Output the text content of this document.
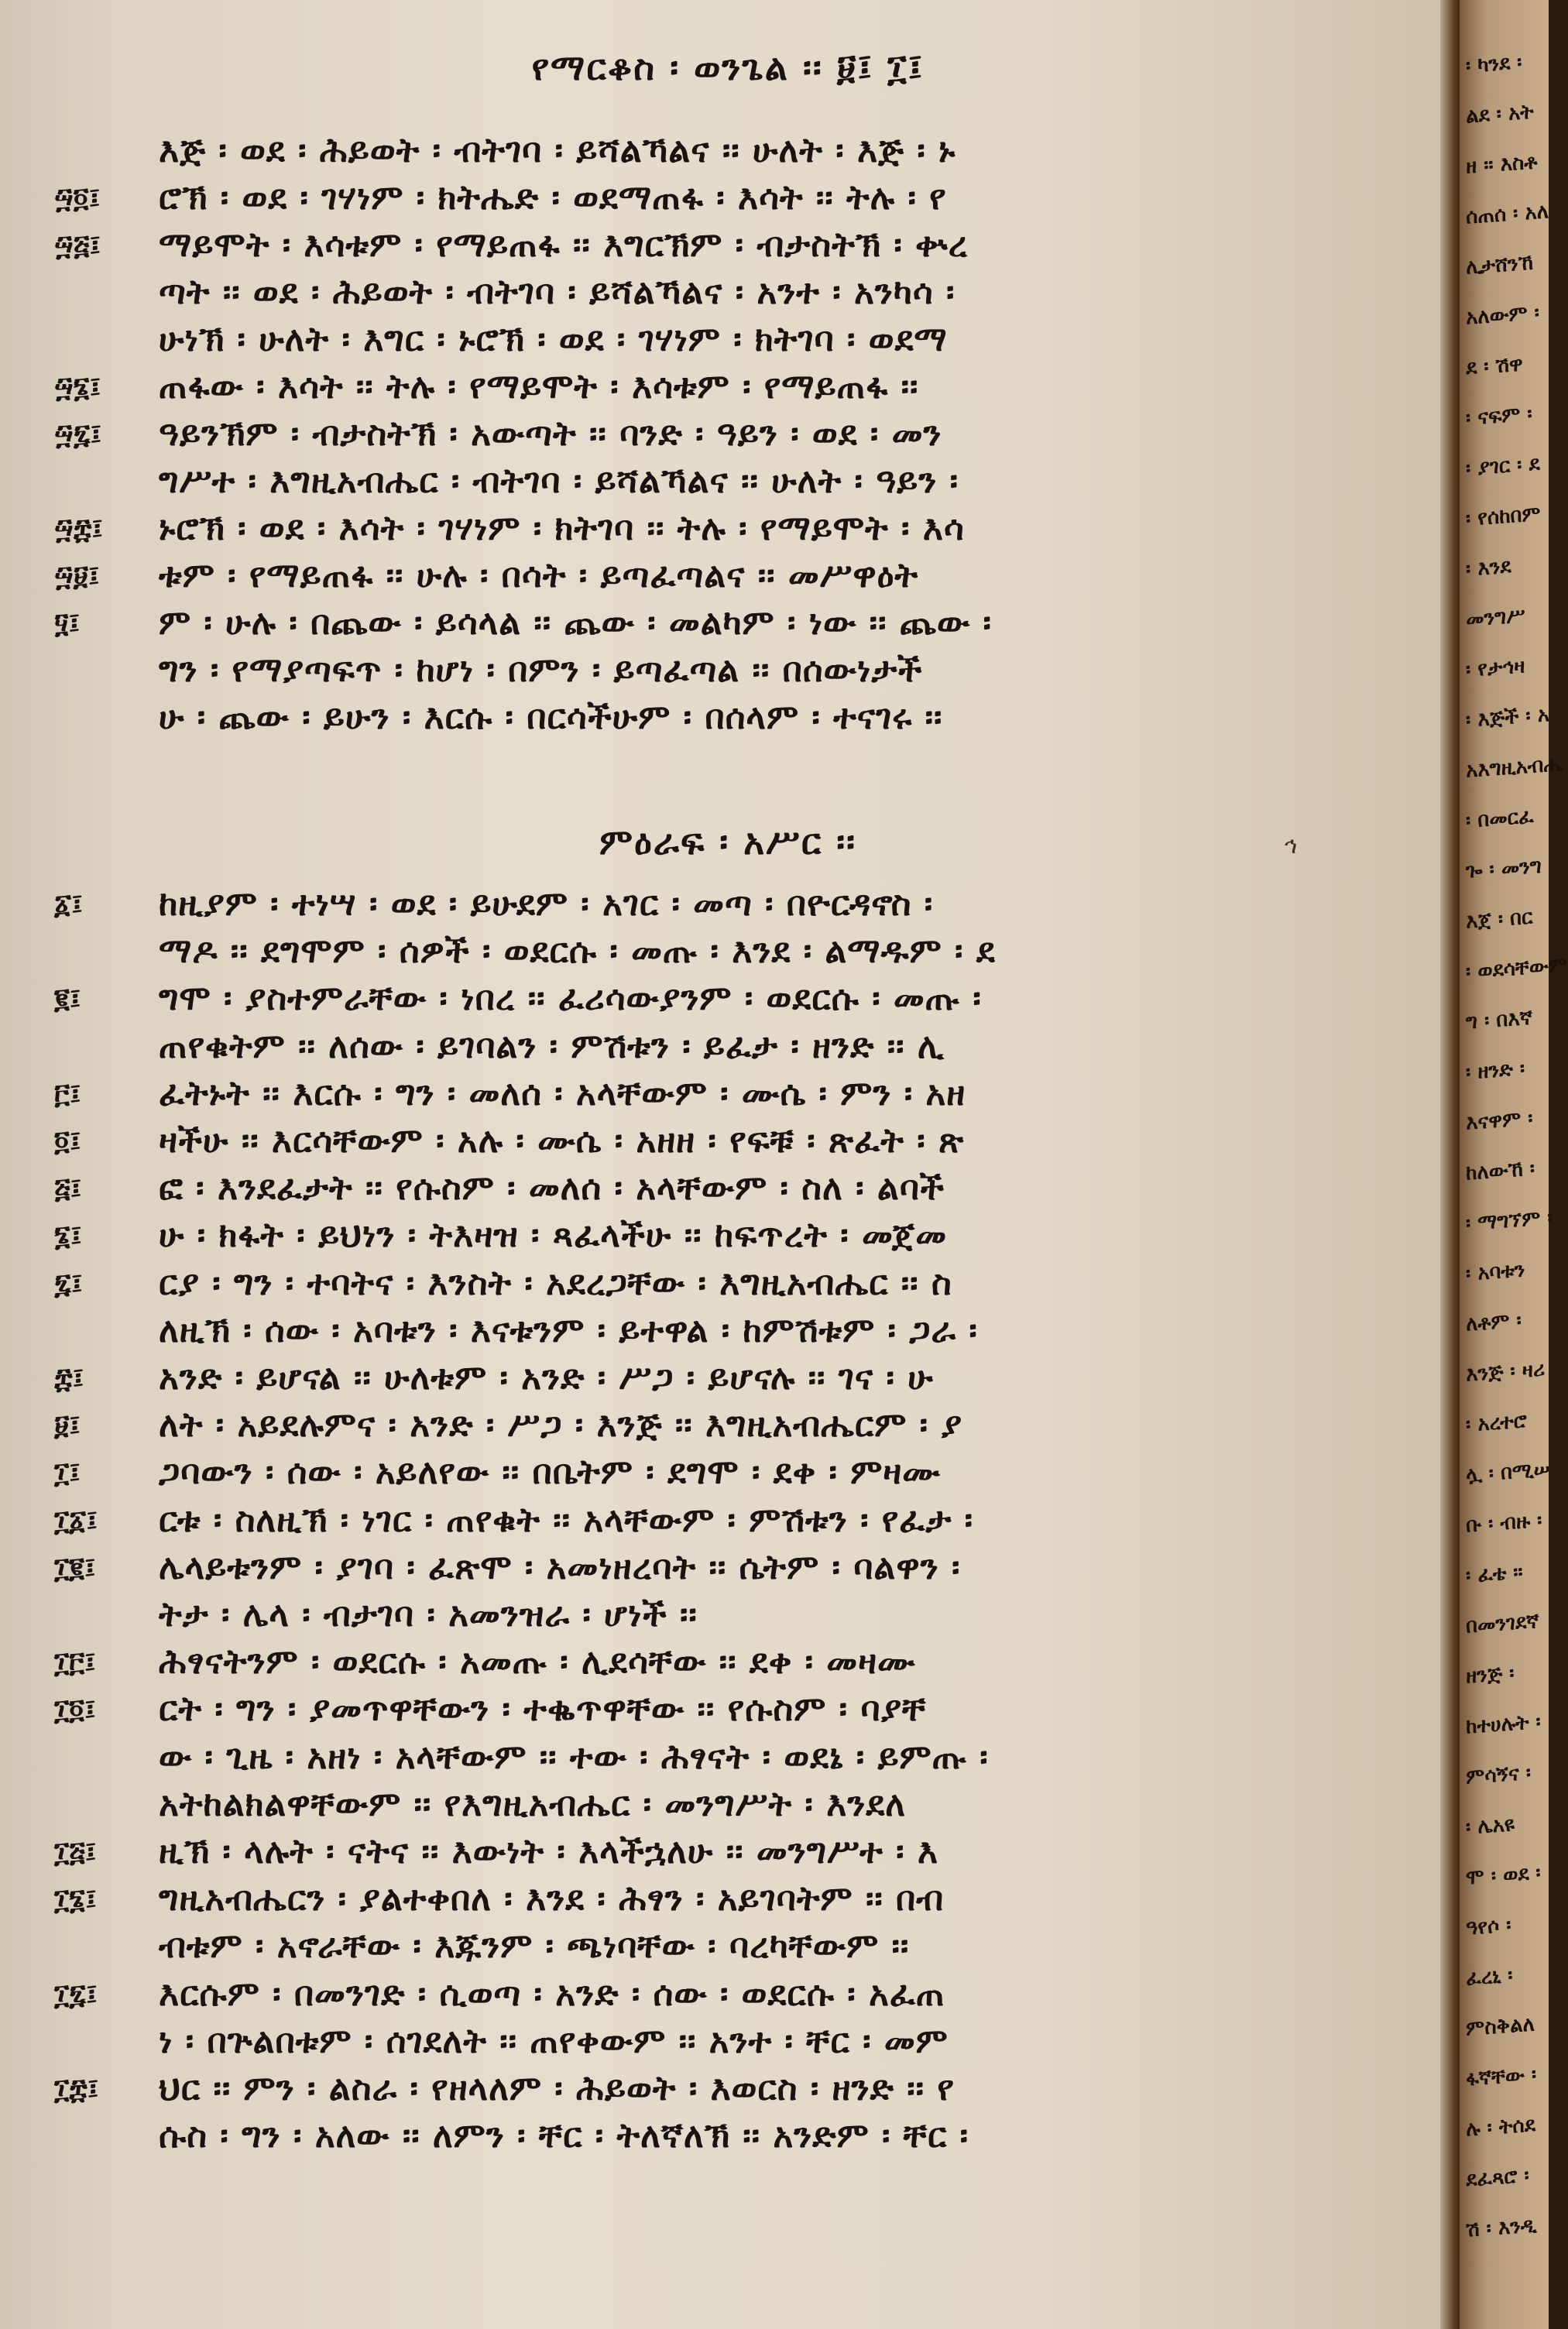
የማርቆስ ፡ ወንጌል ፡፡ ፱፤ ፲፤
እጅ ፡ ወደ ፡ ሕይወት ፡ ብትገባ ፡ ይሻልኻልና ፡፡ ሁለት ፡ እጅ ፡ ኑ
ሮኽ ፡ ወደ ፡ ገሃነም ፡ ክትሔድ ፡ ወደማጠፋ ፡ እሳት ፡፡ ትሉ ፡ የ
ማይሞት ፡ እሳቱም ፡ የማይጠፋ ፡፡ እግርኽም ፡ ብታስትኽ ፡ ቍረ
ጣት ፡፡ ወደ ፡ ሕይወት ፡ ብትገባ ፡ ይሻልኻልና ፡ አንተ ፡ አንካሳ ፡
ሁነኽ ፡ ሁለት ፡ እግር ፡ ኑሮኽ ፡ ወደ ፡ ገሃነም ፡ ክትገባ ፡ ወደማ
ጠፋው ፡ እሳት ፡፡ ትሉ ፡ የማይሞት ፡ እሳቱም ፡ የማይጠፋ ፡፡
ዓይንኽም ፡ ብታስትኽ ፡ አውጣት ፡፡ ባንድ ፡ ዓይን ፡ ወደ ፡ መን
ግሥተ ፡ እግዚአብሔር ፡ ብትገባ ፡ ይሻልኻልና ፡፡ ሁለት ፡ ዓይን ፡
ኑሮኽ ፡ ወደ ፡ እሳት ፡ ገሃነም ፡ ክትገባ ፡፡ ትሉ ፡ የማይሞት ፡ እሳ
ቱም ፡ የማይጠፋ ፡፡ ሁሉ ፡ በሳት ፡ ይጣፈጣልና ፡፡ መሥዋዕት
ም ፡ ሁሉ ፡ በጨው ፡ ይሳላል ፡፡ ጨው ፡ መልካም ፡ ነው ፡፡ ጨው ፡
ግን ፡ የማያጣፍጥ ፡ ከሆነ ፡ በምን ፡ ይጣፈጣል ፡፡ በሰውነታች
ሁ ፡ ጨው ፡ ይሁን ፡ እርሱ ፡ በርሳችሁም ፡ በሰላም ፡ ተናገሩ ፡፡
፵፬፤
፵፭፤
፵፮፤
፵፯፤
፵፰፤
፵፱፤
፶፤
ምዕራፍ ፡ አሥር ፡፡	ኅ
ከዚያም ፡ ተነሣ ፡ ወደ ፡ ይሁደም ፡ አገር ፡ መጣ ፡ በዮርዳኖስ ፡
ማዶ ፡፡ ደግሞም ፡ ሰዎች ፡ ወደርሱ ፡ መጡ ፡ እንደ ፡ ልማዱም ፡ ደ
ግሞ ፡ ያስተምራቸው ፡ ነበረ ፡፡ ፈሪሳውያንም ፡ ወደርሱ ፡ መጡ ፡
ጠየቁትም ፡፡ ለሰው ፡ ይገባልን ፡ ምሽቱን ፡ ይፈታ ፡ ዘንድ ፡፡ ሊ
ፈትኑት ፡፡ እርሱ ፡ ግን ፡ መለሰ ፡ አላቸውም ፡ ሙሴ ፡ ምን ፡ አዘ
ዛችሁ ፡፡ እርሳቸውም ፡ አሉ ፡ ሙሴ ፡ አዘዘ ፡ የፍቹ ፡ ጽፈት ፡ ጽ
ፎ ፡ እንደፈታት ፡፡ የሱስም ፡ መለሰ ፡ አላቸውም ፡ ስለ ፡ ልባች
ሁ ፡ ክፋት ፡ ይህነን ፡ ትእዛዝ ፡ ጻፈላችሁ ፡፡ ከፍጥረት ፡ መጀመ
ርያ ፡ ግን ፡ ተባትና ፡ እንስት ፡ አደረጋቸው ፡ እግዚአብሔር ፡፡ ስ
ለዚኽ ፡ ሰው ፡ አባቱን ፡ እናቱንም ፡ ይተዋል ፡ ከምሽቱም ፡ ጋራ ፡
አንድ ፡ ይሆናል ፡፡ ሁለቱም ፡ አንድ ፡ ሥጋ ፡ ይሆናሉ ፡፡ ገና ፡ ሁ
ለት ፡ አይደሉምና ፡ አንድ ፡ ሥጋ ፡ እንጅ ፡፡ እግዚአብሔርም ፡ ያ
ጋባውን ፡ ሰው ፡ አይለየው ፡፡ በቤትም ፡ ደግሞ ፡ ደቀ ፡ ምዛሙ
ርቱ ፡ ስለዚኽ ፡ ነገር ፡ ጠየቁት ፡፡ አላቸውም ፡ ምሽቱን ፡ የፈታ ፡
ሌላይቱንም ፡ ያገባ ፡ ፈጽሞ ፡ አመነዘረባት ፡፡ ሴትም ፡ ባልዋን ፡
ትታ ፡ ሌላ ፡ ብታገባ ፡ አመንዝራ ፡ ሆነች ፡፡
ሕፃናትንም ፡ ወደርሱ ፡ አመጡ ፡ ሊደሳቸው ፡፡ ደቀ ፡ መዛሙ
ርት ፡ ግን ፡ ያመጥዋቸውን ፡ ተቈጥዋቸው ፡፡ የሱስም ፡ ባያቸ
ው ፡ ጊዜ ፡ አዘነ ፡ አላቸውም ፡፡ ተው ፡ ሕፃናት ፡ ወደኔ ፡ ይምጡ ፡
አትከልክልዋቸውም ፡፡ የእግዚአብሔር ፡ መንግሥት ፡ እንደለ
ዚኽ ፡ ላሉት ፡ ናትና ፡፡ እውነት ፡ እላችኋለሁ ፡፡ መንግሥተ ፡ እ
ግዚአብሔርን ፡ ያልተቀበለ ፡ እንደ ፡ ሕፃን ፡ አይገባትም ፡፡ በብ
ብቱም ፡ አኖራቸው ፡ እጁንም ፡ ጫነባቸው ፡ ባረካቸውም ፡፡
እርሱም ፡ በመንገድ ፡ ሲወጣ ፡ አንድ ፡ ሰው ፡ ወደርሱ ፡ አፈጠ
ነ ፡ በጕልበቱም ፡ ሰገደለት ፡፡ ጠየቀውም ፡፡ አንተ ፡ ቸር ፡ መም
ህር ፡፡ ምን ፡ ልስራ ፡ የዘላለም ፡ ሕይወት ፡ እወርስ ፡ ዘንድ ፡፡ የ
ሱስ ፡ ግን ፡ አለው ፡፡ ለምን ፡ ቸር ፡ ትለኛለኽ ፡፡ አንድም ፡ ቸር ፡
፩፤
፪፤
፫፤
፬፤
፭፤
፮፤
፯፤
፰፤
፱፤
፲፤
፲፩፤
፲፪፤
፲፫፤
፲፬፤
፲፭፤
፲፮፤
፲፯፤
፲፰፤
፡ ካንደ ፡
ልደ ፡ አት
ዘ ፡፡ እስቶ
ሰጠሰ ፡ አለ
ሊታሸንኸ
አለውም ፡
ደ ፡ ሽዋ
፡ ናፍም ፡
፡ ያገር ፡ ደ
፡ የሰከበም
፡ እንደ
መንግሥ
፡ የታኅዛ
፡ እጅች ፡ አ
አእግዚአብሔ
፡ በመርፈ
ጐ ፡ መንግ
እጀ ፡ በር
፡ ወደሳቸውም
ግ ፡ በእኛ
፡ ዘንድ ፡
እናዋም ፡
ከለውኸ ፡
፡ ማግኘም ፡
፡ አባቱን
ለቶም ፡
እንጅ ፡ ዛሪ
፡ አረተሮ
ሏ ፡ በሚሠ
ቡ ፡ ብዙ ፡
፡ ፈቴ ፡፡
በመንገደኛ
ዘንጅ ፡
ከተሀሉት ፡
ምሳኝና ፡
፡ ሌአዩ
ሞ ፡ ወደ ፡
ዓየሶ ፡
ፈረኒ ፡
ምስቅልለ
ፋኛቸው ፡
ሉ ፡ ትሰደ
ደፈጻሮ ፡
ሽ ፡ እንዲ
